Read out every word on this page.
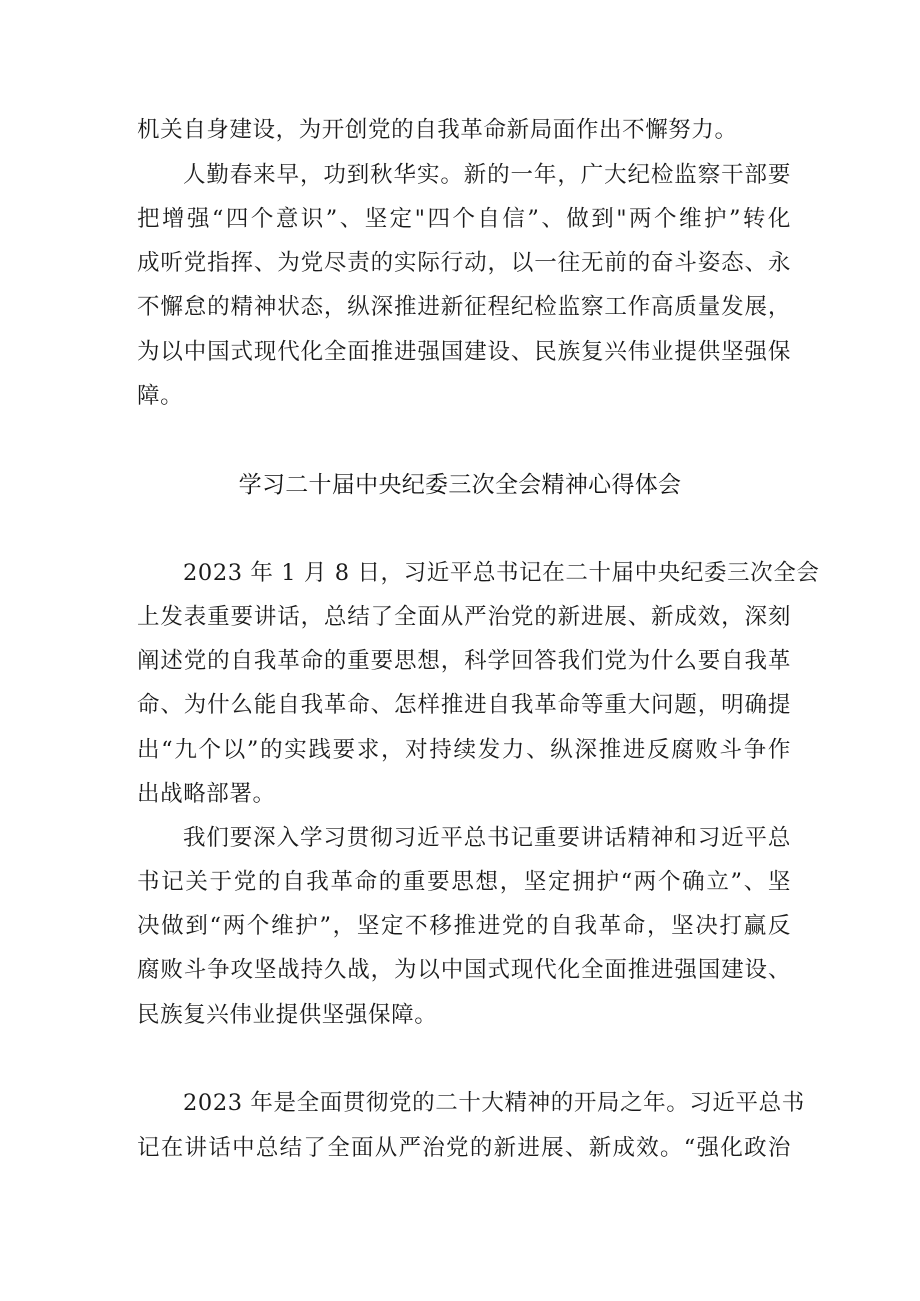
机关自身建设，为开创党的自我革命新局面作出不懈努力。
人勤春来早，功到秋华实。新的一年，广大纪检监察干部要
把增强“四个意识”、坚定"四个自信”、做到"两个维护”转化
成听党指挥、为党尽责的实际行动，以一往无前的奋斗姿态、永
不懈怠的精神状态，纵深推进新征程纪检监察工作高质量发展，
为以中国式现代化全面推进强国建设、民族复兴伟业提供坚强保
障。
学习二十届中央纪委三次全会精神心得体会
2023 年 1 月 8 日，习近平总书记在二十届中央纪委三次全会
上发表重要讲话，总结了全面从严治党的新进展、新成效，深刻
阐述党的自我革命的重要思想，科学回答我们党为什么要自我革
命、为什么能自我革命、怎样推进自我革命等重大问题，明确提
出“九个以”的实践要求，对持续发力、纵深推进反腐败斗争作
出战略部署。
我们要深入学习贯彻习近平总书记重要讲话精神和习近平总
书记关于党的自我革命的重要思想，坚定拥护“两个确立”、坚
决做到“两个维护”，坚定不移推进党的自我革命，坚决打赢反
腐败斗争攻坚战持久战，为以中国式现代化全面推进强国建设、
民族复兴伟业提供坚强保障。
2023 年是全面贯彻党的二十大精神的开局之年。习近平总书
记在讲话中总结了全面从严治党的新进展、新成效。“强化政治
